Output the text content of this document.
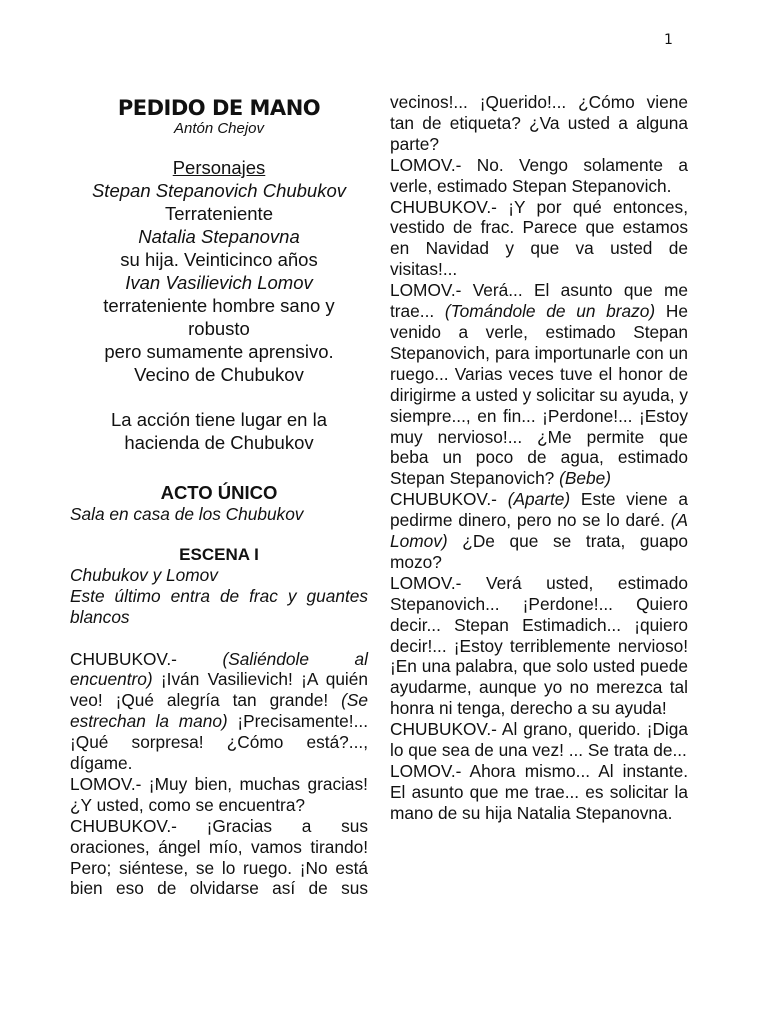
1

PEDIDO DE MANO

Antón Chejov

Personajes

Stepan Stepanovich Chubukov

Terrateniente

Natalia Stepanovna

su hija. Veinticinco años

Ivan Vasilievich Lomov

terrateniente hombre sano y robusto

pero sumamente aprensivo.

Vecino de Chubukov

La acción tiene lugar en la hacienda de Chubukov

ACTO ÚNICO

Sala en casa de los Chubukov

ESCENA I

Chubukov y Lomov

Este último entra de frac y guantes blancos

CHUBUKOV.- (Saliéndole al encuentro) ¡Iván Vasilievich! ¡A quién veo! ¡Qué alegría tan grande! (Se estrechan la mano) ¡Precisamente!... ¡Qué sorpresa! ¿Cómo está?..., dígame.

LOMOV.- ¡Muy bien, muchas gracias! ¿Y usted, como se encuentra?

CHUBUKOV.- ¡Gracias a sus oraciones, ángel mío, vamos tirando! Pero; siéntese, se lo ruego. ¡No está bien eso de olvidarse así de sus

vecinos!... ¡Querido!... ¿Cómo viene tan de etiqueta? ¿Va usted a alguna parte?

LOMOV.- No. Vengo solamente a verle, estimado Stepan Stepanovich.

CHUBUKOV.- ¡Y por qué entonces, vestido de frac. Parece que estamos en Navidad y que va usted de visitas!...

LOMOV.- Verá... El asunto que me trae... (Tomándole de un brazo) He venido a verle, estimado Stepan Stepanovich, para importunarle con un ruego... Varias veces tuve el honor de dirigirme a usted y solicitar su ayuda, y siempre..., en fin... ¡Perdone!... ¡Estoy muy nervioso!... ¿Me permite que beba un poco de agua, estimado Stepan Stepanovich? (Bebe)

CHUBUKOV.- (Aparte) Este viene a pedirme dinero, pero no se lo daré. (A Lomov) ¿De que se trata, guapo mozo?

LOMOV.- Verá usted, estimado Stepanovich... ¡Perdone!... Quiero decir... Stepan Estimadich... ¡quiero decir!... ¡Estoy terriblemente nervioso! ¡En una palabra, que solo usted puede ayudarme, aunque yo no merezca tal honra ni tenga, derecho a su ayuda!

CHUBUKOV.- Al grano, querido. ¡Diga lo que sea de una vez! ... Se trata de...

LOMOV.- Ahora mismo... Al instante. El asunto que me trae... es solicitar la mano de su hija Natalia Stepanovna.
